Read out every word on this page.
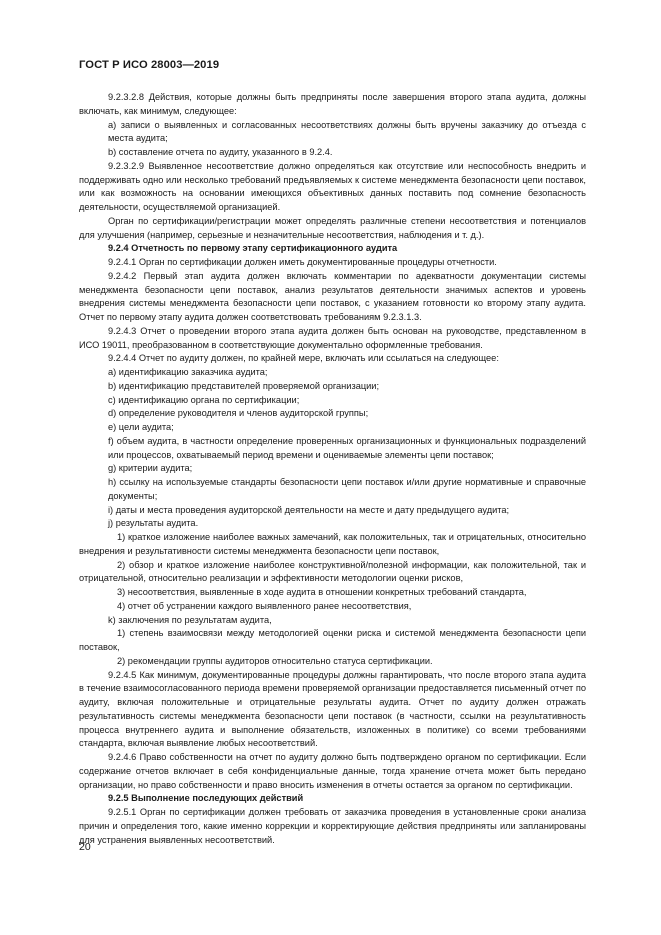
ГОСТ Р ИСО 28003—2019

9.2.3.2.8 Действия, которые должны быть предприняты после завершения второго этапа аудита, должны включать, как минимум, следующее:

a) записи о выявленных и согласованных несоответствиях должны быть вручены заказчику до отъезда с места аудита;

b) составление отчета по аудиту, указанного в 9.2.4.

9.2.3.2.9 Выявленное несоответствие должно определяться как отсутствие или неспособность внедрить и поддерживать одно или несколько требований предъявляемых к системе менеджмента безопасности цепи поставок, или как возможность на основании имеющихся объективных данных поставить под сомнение безопасность деятельности, осуществляемой организацией.

Орган по сертификации/регистрации может определять различные степени несоответствия и потенциалов для улучшения (например, серьезные и незначительные несоответствия, наблюдения и т. д.).

9.2.4 Отчетность по первому этапу сертификационного аудита

9.2.4.1 Орган по сертификации должен иметь документированные процедуры отчетности.

9.2.4.2 Первый этап аудита должен включать комментарии по адекватности документации системы менеджмента безопасности цепи поставок, анализ результатов деятельности значимых аспектов и уровень внедрения системы менеджмента безопасности цепи поставок, с указанием готовности ко второму этапу аудита. Отчет по первому этапу аудита должен соответствовать требованиям 9.2.3.1.3.

9.2.4.3 Отчет о проведении второго этапа аудита должен быть основан на руководстве, представленном в ИСО 19011, преобразованном в соответствующие документально оформленные требования.

9.2.4.4 Отчет по аудиту должен, по крайней мере, включать или ссылаться на следующее:

a) идентификацию заказчика аудита;

b) идентификацию представителей проверяемой организации;

c) идентификацию органа по сертификации;

d) определение руководителя и членов аудиторской группы;

e) цели аудита;

f) объем аудита, в частности определение проверенных организационных и функциональных подразделений или процессов, охватываемый период времени и оцениваемые элементы цепи поставок;

g) критерии аудита;

h) ссылку на используемые стандарты безопасности цепи поставок и/или другие нормативные и справочные документы;

i) даты и места проведения аудиторской деятельности на месте и дату предыдущего аудита;

j) результаты аудита.

1) краткое изложение наиболее важных замечаний, как положительных, так и отрицательных, относительно внедрения и результативности системы менеджмента безопасности цепи поставок,

2) обзор и краткое изложение наиболее конструктивной/полезной информации, как положительной, так и отрицательной, относительно реализации и эффективности методологии оценки рисков,

3) несоответствия, выявленные в ходе аудита в отношении конкретных требований стандарта,

4) отчет об устранении каждого выявленного ранее несоответствия,

k) заключения по результатам аудита,

1) степень взаимосвязи между методологией оценки риска и системой менеджмента безопасности цепи поставок,

2) рекомендации группы аудиторов относительно статуса сертификации.

9.2.4.5 Как минимум, документированные процедуры должны гарантировать, что после второго этапа аудита в течение взаимосогласованного периода времени проверяемой организации предоставляется письменный отчет по аудиту, включая положительные и отрицательные результаты аудита. Отчет по аудиту должен отражать результативность системы менеджмента безопасности цепи поставок (в частности, ссылки на результативность процесса внутреннего аудита и выполнение обязательств, изложенных в политике) со всеми требованиями стандарта, включая выявление любых несоответствий.

9.2.4.6 Право собственности на отчет по аудиту должно быть подтверждено органом по сертификации. Если содержание отчетов включает в себя конфиденциальные данные, тогда хранение отчета может быть передано организации, но право собственности и право вносить изменения в отчеты остается за органом по сертификации.

9.2.5 Выполнение последующих действий

9.2.5.1 Орган по сертификации должен требовать от заказчика проведения в установленные сроки анализа причин и определения того, какие именно коррекции и корректирующие действия предприняты или запланированы для устранения выявленных несоответствий.

20
